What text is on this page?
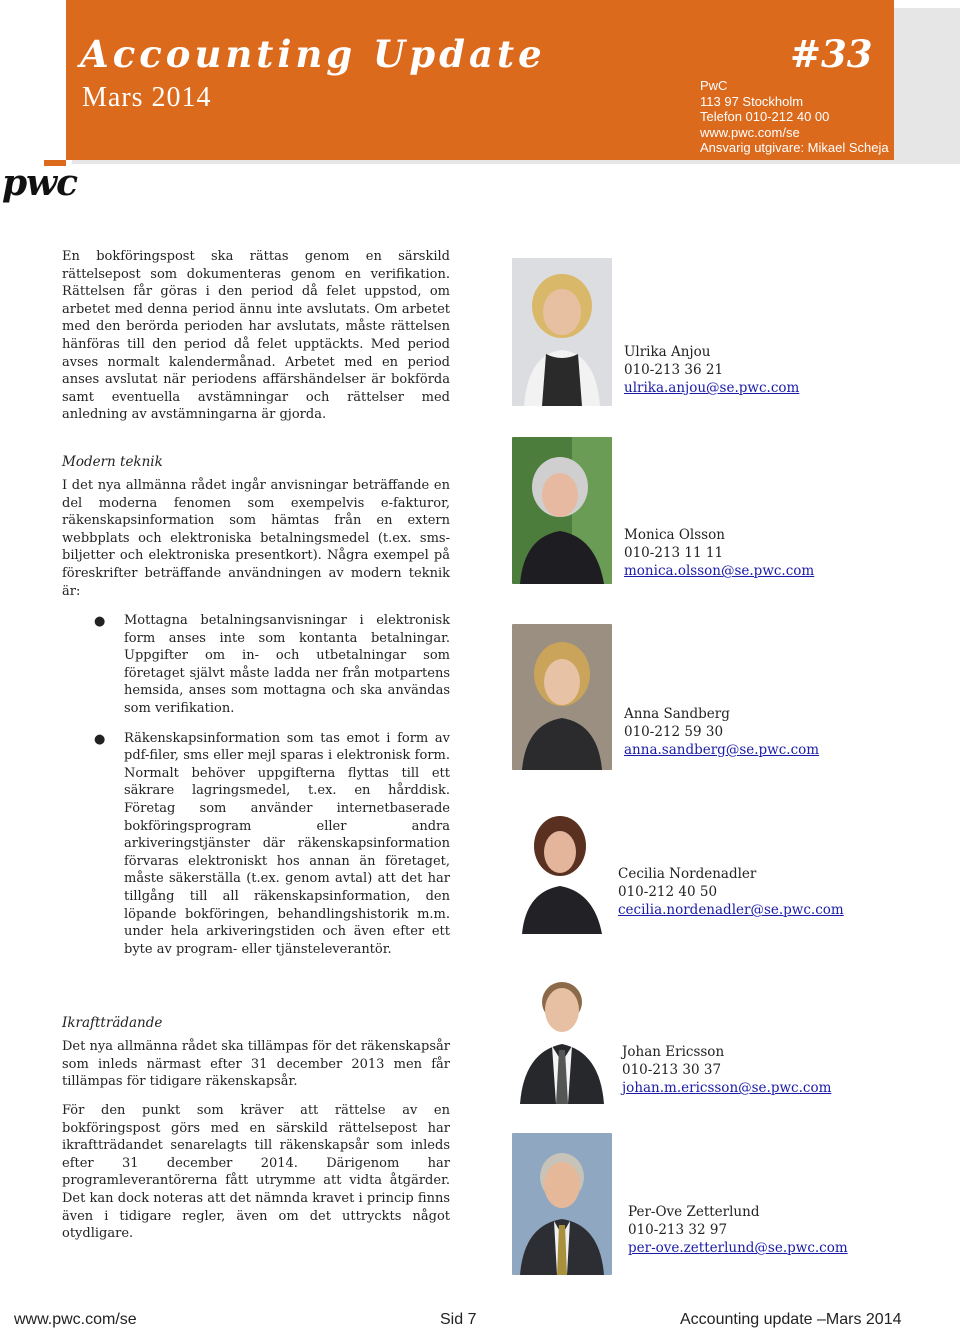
Accounting Update	#33
Mars 2014	PwC
113 97 Stockholm
Telefon 010-212 40 00
www.pwc.com/se
Ansvarig utgivare: Mikael Scheja
pwc

En bokföringspost ska rättas genom en särskild rättelsepost som dokumenteras genom en verifikation. Rättelsen får göras i den period då felet uppstod, om arbetet med denna period ännu inte avslutats. Om arbetet med den berörda perioden har avslutats, måste rättelsen hänföras till den period då felet upptäckts. Med period avses normalt kalendermånad. Arbetet med en period anses avslutat när periodens affärshändelser är bokförda samt eventuella avstämningar och rättelser med anledning av avstämningarna är gjorda.

Modern teknik

I det nya allmänna rådet ingår anvisningar beträffande en del moderna fenomen som exempelvis e-fakturor, räkenskapsinformation som hämtas från en extern webbplats och elektroniska betalningsmedel (t.ex. sms-biljetter och elektroniska presentkort). Några exempel på föreskrifter beträffande användningen av modern teknik är:

● Mottagna betalningsanvisningar i elektronisk form anses inte som kontanta betalningar. Uppgifter om in- och utbetalningar som företaget självt måste ladda ner från motpartens hemsida, anses som mottagna och ska användas som verifikation.
● Räkenskapsinformation som tas emot i form av pdf-filer, sms eller mejl sparas i elektronisk form. Normalt behöver uppgifterna flyttas till ett säkrare lagringsmedel, t.ex. en hårddisk. Företag som använder internetbaserade bokföringsprogram eller andra arkiveringstjänster där räkenskapsinformation förvaras elektroniskt hos annan än företaget, måste säkerställa (t.ex. genom avtal) att det har tillgång till all räkenskapsinformation, den löpande bokföringen, behandlingshistorik m.m. under hela arkiveringstiden och även efter ett byte av program- eller tjänsteleverantör.

Ikraftträdande

Det nya allmänna rådet ska tillämpas för det räkenskapsår som inleds närmast efter 31 december 2013 men får tillämpas för tidigare räkenskapsår.

För den punkt som kräver att rättelse av en bokföringspost görs med en särskild rättelsepost har ikraftträdandet senarelagts till räkenskapsår som inleds efter 31 december 2014. Därigenom har programleverantörerna fått utrymme att vidta åtgärder. Det kan dock noteras att det nämnda kravet i princip finns även i tidigare regler, även om det uttryckts något otydligare.

Ulrika Anjou
010-213 36 21
ulrika.anjou@se.pwc.com
Monica Olsson
010-213 11 11
monica.olsson@se.pwc.com
Anna Sandberg
010-212 59 30
anna.sandberg@se.pwc.com
Cecilia Nordenadler
010-212 40 50
cecilia.nordenadler@se.pwc.com
Johan Ericsson
010-213 30 37
johan.m.ericsson@se.pwc.com
Per-Ove Zetterlund
010-213 32 97
per-ove.zetterlund@se.pwc.com
www.pwc.com/se	Sid 7	Accounting update –Mars 2014
